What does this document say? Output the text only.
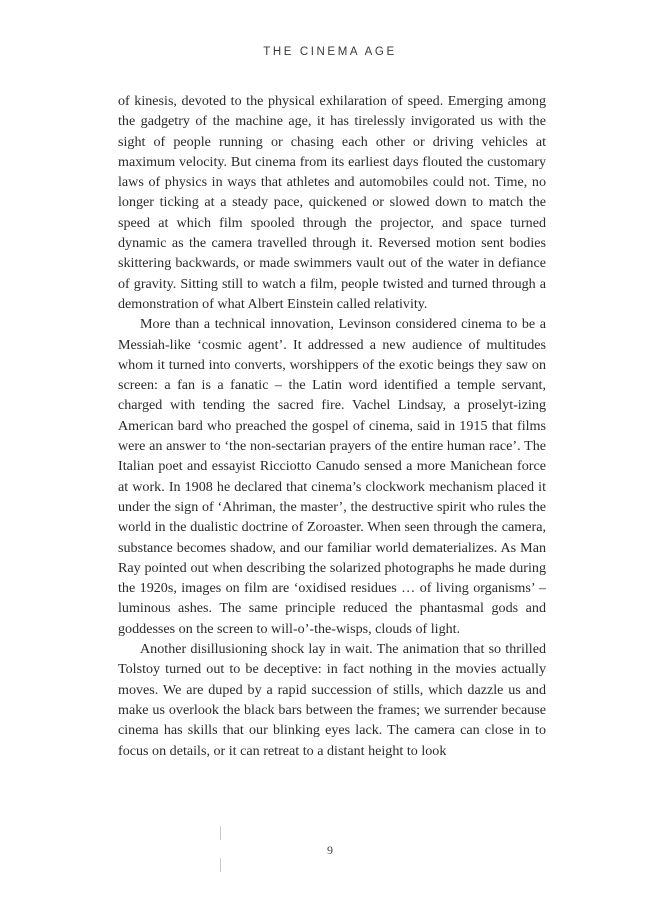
THE CINEMA AGE

of kinesis, devoted to the physical exhilaration of speed. Emerging among the gadgetry of the machine age, it has tirelessly invigorated us with the sight of people running or chasing each other or driving vehicles at maximum velocity. But cinema from its earliest days flouted the customary laws of physics in ways that athletes and automobiles could not. Time, no longer ticking at a steady pace, quickened or slowed down to match the speed at which film spooled through the projector, and space turned dynamic as the camera travelled through it. Reversed motion sent bodies skittering backwards, or made swimmers vault out of the water in defiance of gravity. Sitting still to watch a film, people twisted and turned through a demonstration of what Albert Einstein called relativity.

More than a technical innovation, Levinson considered cinema to be a Messiah-like ‘cosmic agent’. It addressed a new audience of multitudes whom it turned into converts, worshippers of the exotic beings they saw on screen: a fan is a fanatic – the Latin word identified a temple servant, charged with tending the sacred fire. Vachel Lindsay, a proselyt-izing American bard who preached the gospel of cinema, said in 1915 that films were an answer to ‘the non-sectarian prayers of the entire human race’. The Italian poet and essayist Ricciotto Canudo sensed a more Manichean force at work. In 1908 he declared that cinema’s clockwork mechanism placed it under the sign of ‘Ahriman, the master’, the destructive spirit who rules the world in the dualistic doctrine of Zoroaster. When seen through the camera, substance becomes shadow, and our familiar world dematerializes. As Man Ray pointed out when describing the solarized photographs he made during the 1920s, images on film are ‘oxidised residues … of living organisms’ – luminous ashes. The same principle reduced the phantasmal gods and goddesses on the screen to will-o’-the-wisps, clouds of light.

Another disillusioning shock lay in wait. The animation that so thrilled Tolstoy turned out to be deceptive: in fact nothing in the movies actually moves. We are duped by a rapid succession of stills, which dazzle us and make us overlook the black bars between the frames; we surrender because cinema has skills that our blinking eyes lack. The camera can close in to focus on details, or it can retreat to a distant height to look

9
